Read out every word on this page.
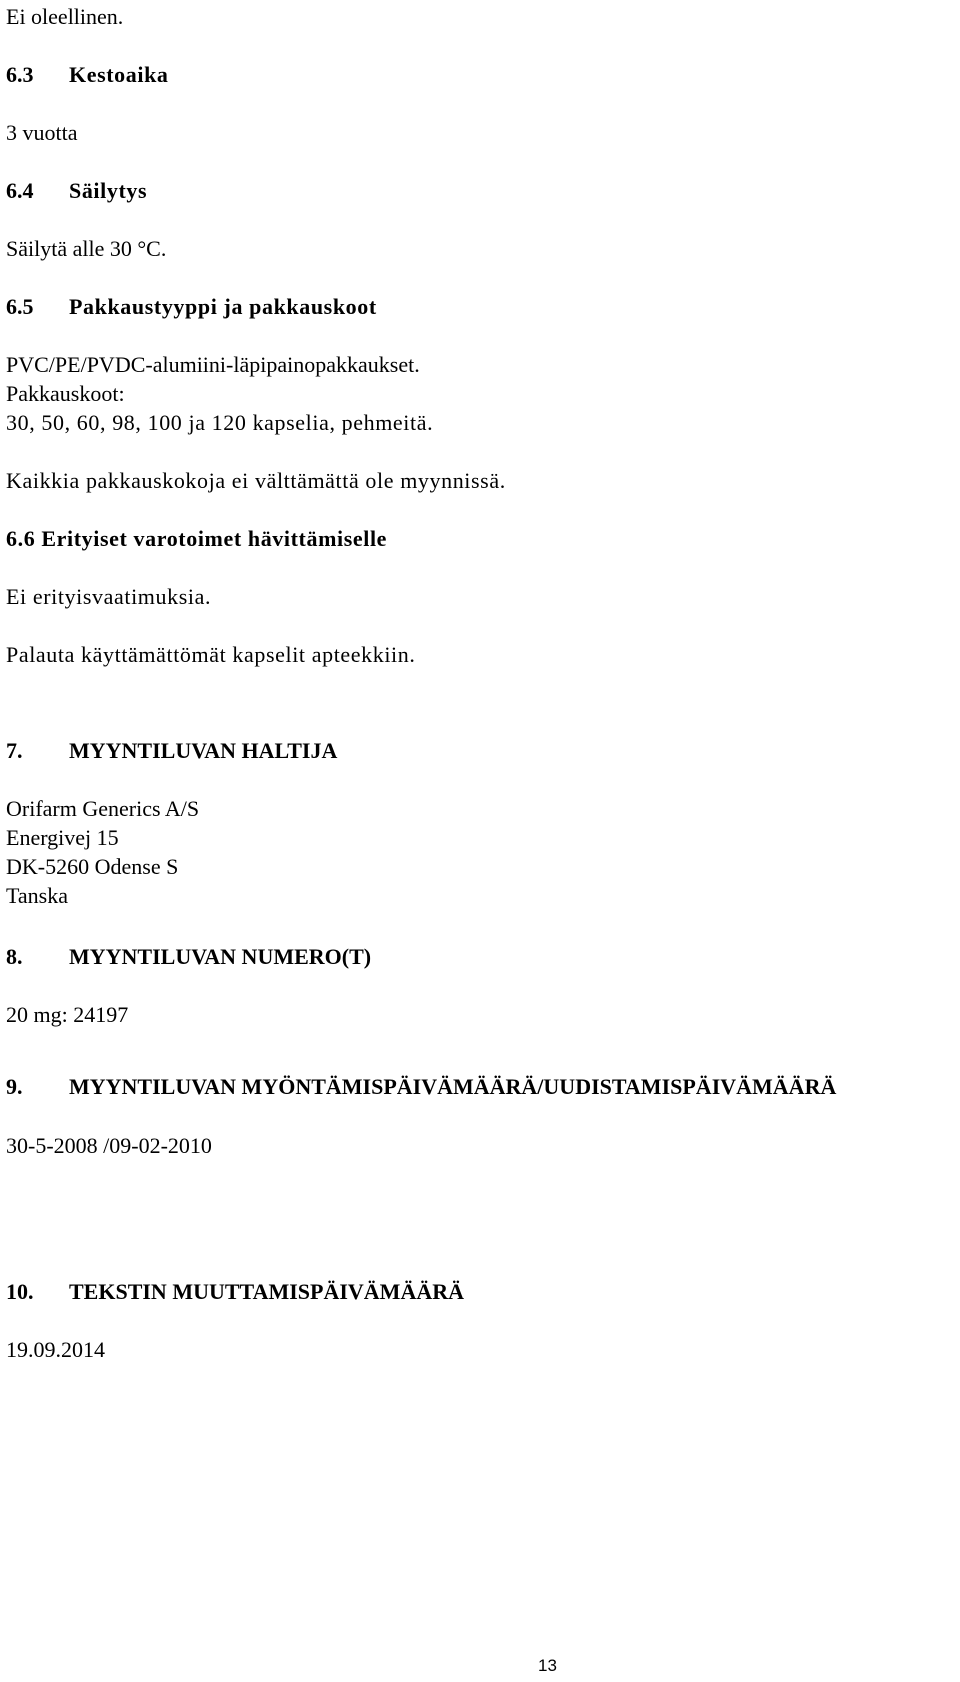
Ei oleellinen.

6.3 Kestoaika

3 vuotta

6.4 Säilytys

Säilytä alle 30 °C.

6.5 Pakkaustyyppi ja pakkauskoot

PVC/PE/PVDC-alumiini-läpipainopakkaukset.

Pakkauskoot:

30, 50, 60, 98, 100 ja 120 kapselia, pehmeitä.

Kaikkia pakkauskokoja ei välttämättä ole myynnissä.

6.6 Erityiset varotoimet hävittämiselle

Ei erityisvaatimuksia.

Palauta käyttämättömät kapselit apteekkiin.

7. MYYNTILUVAN HALTIJA

Orifarm Generics A/S

Energivej 15

DK-5260 Odense S

Tanska

8. MYYNTILUVAN NUMERO(T)

20 mg: 24197

9. MYYNTILUVAN MYÖNTÄMISPÄIVÄMÄÄRÄ/UUDISTAMISPÄIVÄMÄÄRÄ

30-5-2008 /09-02-2010

10. TEKSTIN MUUTTAMISPÄIVÄMÄÄRÄ

19.09.2014

13
